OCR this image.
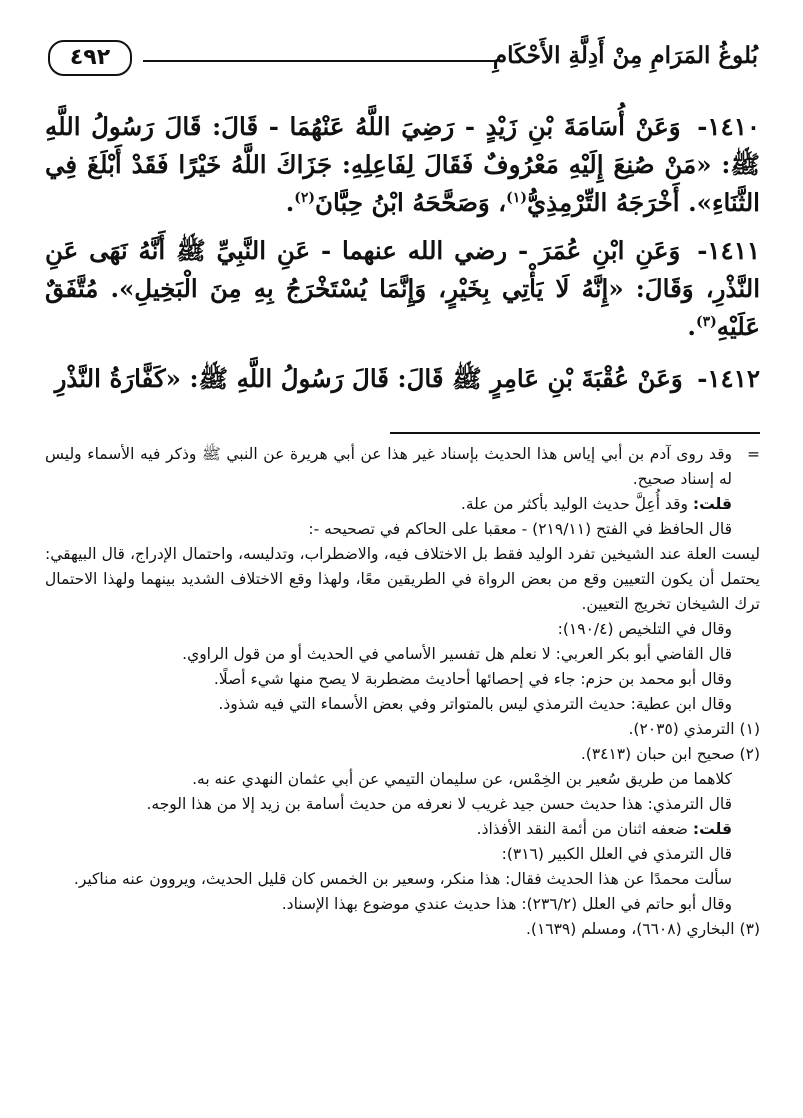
بُلوغُ المَرَامِ مِنْ أَدِلَّةِ الأَحْكَامِ
٤٩٢
١٤١٠- وَعَنْ أُسَامَةَ بْنِ زَيْدٍ - رَضِيَ اللَّهُ عَنْهُمَا - قَالَ: قَالَ رَسُولُ اللَّهِ ﷺ: «مَنْ صُنِعَ إِلَيْهِ مَعْرُوفٌ فَقَالَ لِفَاعِلِهِ: جَزَاكَ اللَّهُ خَيْرًا فَقَدْ أَبْلَغَ فِي الثَّنَاءِ». أَخْرَجَهُ التِّرْمِذِيُّ$^{(١)}$، وَصَحَّحَهُ ابْنُ حِبَّانَ$^{(٢)}$.
١٤١١- وَعَنِ ابْنِ عُمَرَ - رضي الله عنهما - عَنِ النَّبِيِّ ﷺ أَنَّهُ نَهَى عَنِ النَّذْرِ، وَقَالَ: «إِنَّهُ لَا يَأْتِي بِخَيْرٍ، وَإِنَّمَا يُسْتَخْرَجُ بِهِ مِنَ الْبَخِيلِ». مُتَّفَقٌ عَلَيْهِ$^{(٣)}$.
١٤١٢- وَعَنْ عُقْبَةَ بْنِ عَامِرٍ ﷺ قَالَ: قَالَ رَسُولُ اللَّهِ ﷺ: «كَفَّارَةُ النَّذْرِ

=
وقد روى آدم بن أبي إياس هذا الحديث بإسناد غير هذا عن أبي هريرة عن النبي ﷺ وذكر فيه الأسماء وليس له إسناد صحيح.

قلت: وقد أُعِلَّ حديث الوليد بأكثر من علة.

قال الحافظ في الفتح (٢١٩/١١) - معقبا على الحاكم في تصحيحه -:

ليست العلة عند الشيخين تفرد الوليد فقط بل الاختلاف فيه، والاضطراب، وتدليسه، واحتمال الإدراج، قال البيهقي: يحتمل أن يكون التعيين وقع من بعض الرواة في الطريقين معًا، ولهذا وقع الاختلاف الشديد بينهما ولهذا الاحتمال ترك الشيخان تخريج التعيين.

وقال في التلخيص (١٩٠/٤):

قال القاضي أبو بكر العربي: لا نعلم هل تفسير الأسامي في الحديث أو من قول الراوي.

وقال أبو محمد بن حزم: جاء في إحصائها أحاديث مضطربة لا يصح منها شيء أصلًا.

وقال ابن عطية: حديث الترمذي ليس بالمتواتر وفي بعض الأسماء التي فيه شذوذ.

(١) الترمذي (٢٠٣٥).

(٢) صحيح ابن حبان (٣٤١٣).

كلاهما من طريق سُعير بن الخِمْس، عن سليمان التيمي عن أبي عثمان النهدي عنه به.

قال الترمذي: هذا حديث حسن جيد غريب لا نعرفه من حديث أسامة بن زيد إلا من هذا الوجه.

قلت: ضعفه اثنان من أئمة النقد الأفذاذ.

قال الترمذي في العلل الكبير (٣١٦):

سألت محمدًا عن هذا الحديث فقال: هذا منكر، وسعير بن الخمس كان قليل الحديث، ويروون عنه مناكير.

وقال أبو حاتم في العلل (٢٣٦/٢): هذا حديث عندي موضوع بهذا الإسناد.

(٣) البخاري (٦٦٠٨)، ومسلم (١٦٣٩).
